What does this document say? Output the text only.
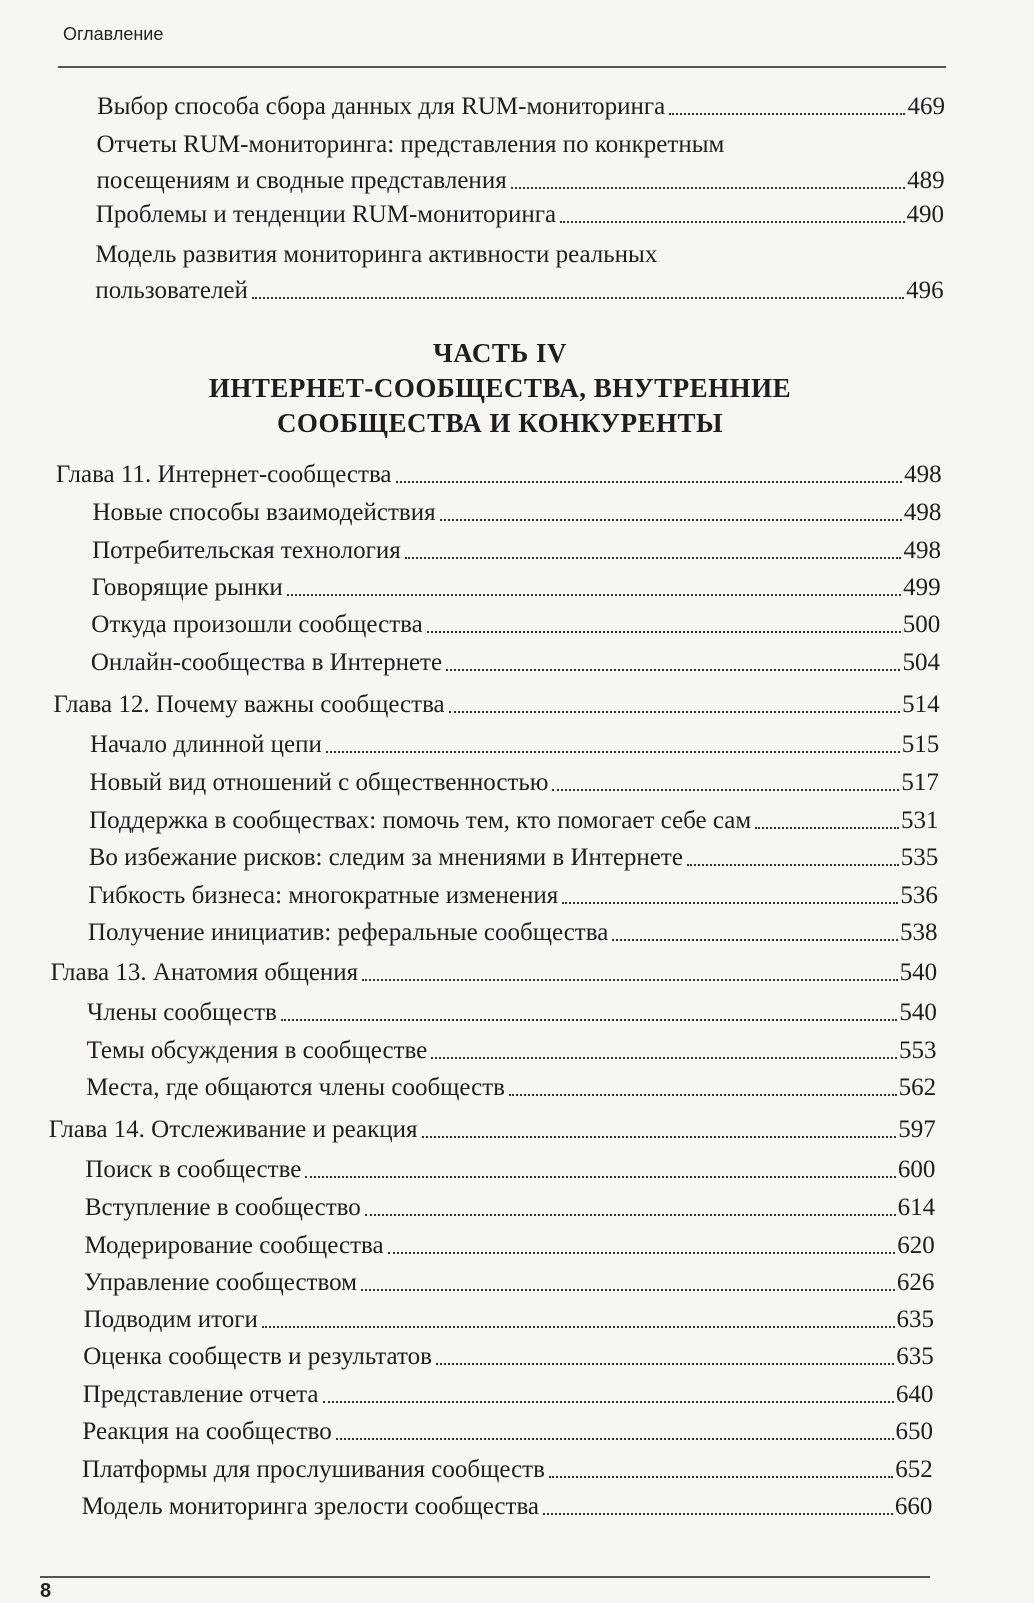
Оглавление
Выбор способа сбора данных для RUM-мониторинга	469
Отчеты RUM-мониторинга: представления по конкретным
посещениям и сводные представления	489
Проблемы и тенденции RUM-мониторинга	490
Модель развития мониторинга активности реальных
пользователей	496
ЧАСТЬ IV
ИНТЕРНЕТ-СООБЩЕСТВА, ВНУТРЕННИЕ
СООБЩЕСТВА И КОНКУРЕНТЫ
Глава 11. Интернет-сообщества	498
Новые способы взаимодействия	498
Потребительская технология	498
Говорящие рынки	499
Откуда произошли сообщества	500
Онлайн-сообщества в Интернете	504
Глава 12. Почему важны сообщества	514
Начало длинной цепи	515
Новый вид отношений с общественностью	517
Поддержка в сообществах: помочь тем, кто помогает себе сам	531
Во избежание рисков: следим за мнениями в Интернете	535
Гибкость бизнеса: многократные изменения	536
Получение инициатив: реферальные сообщества	538
Глава 13. Анатомия общения	540
Члены сообществ	540
Темы обсуждения в сообществе	553
Места, где общаются члены сообществ	562
Глава 14. Отслеживание и реакция	597
Поиск в сообществе	600
Вступление в сообщество	614
Модерирование сообщества	620
Управление сообществом	626
Подводим итоги	635
Оценка сообществ и результатов	635
Представление отчета	640
Реакция на сообщество	650
Платформы для прослушивания сообществ	652
Модель мониторинга зрелости сообщества	660
8
